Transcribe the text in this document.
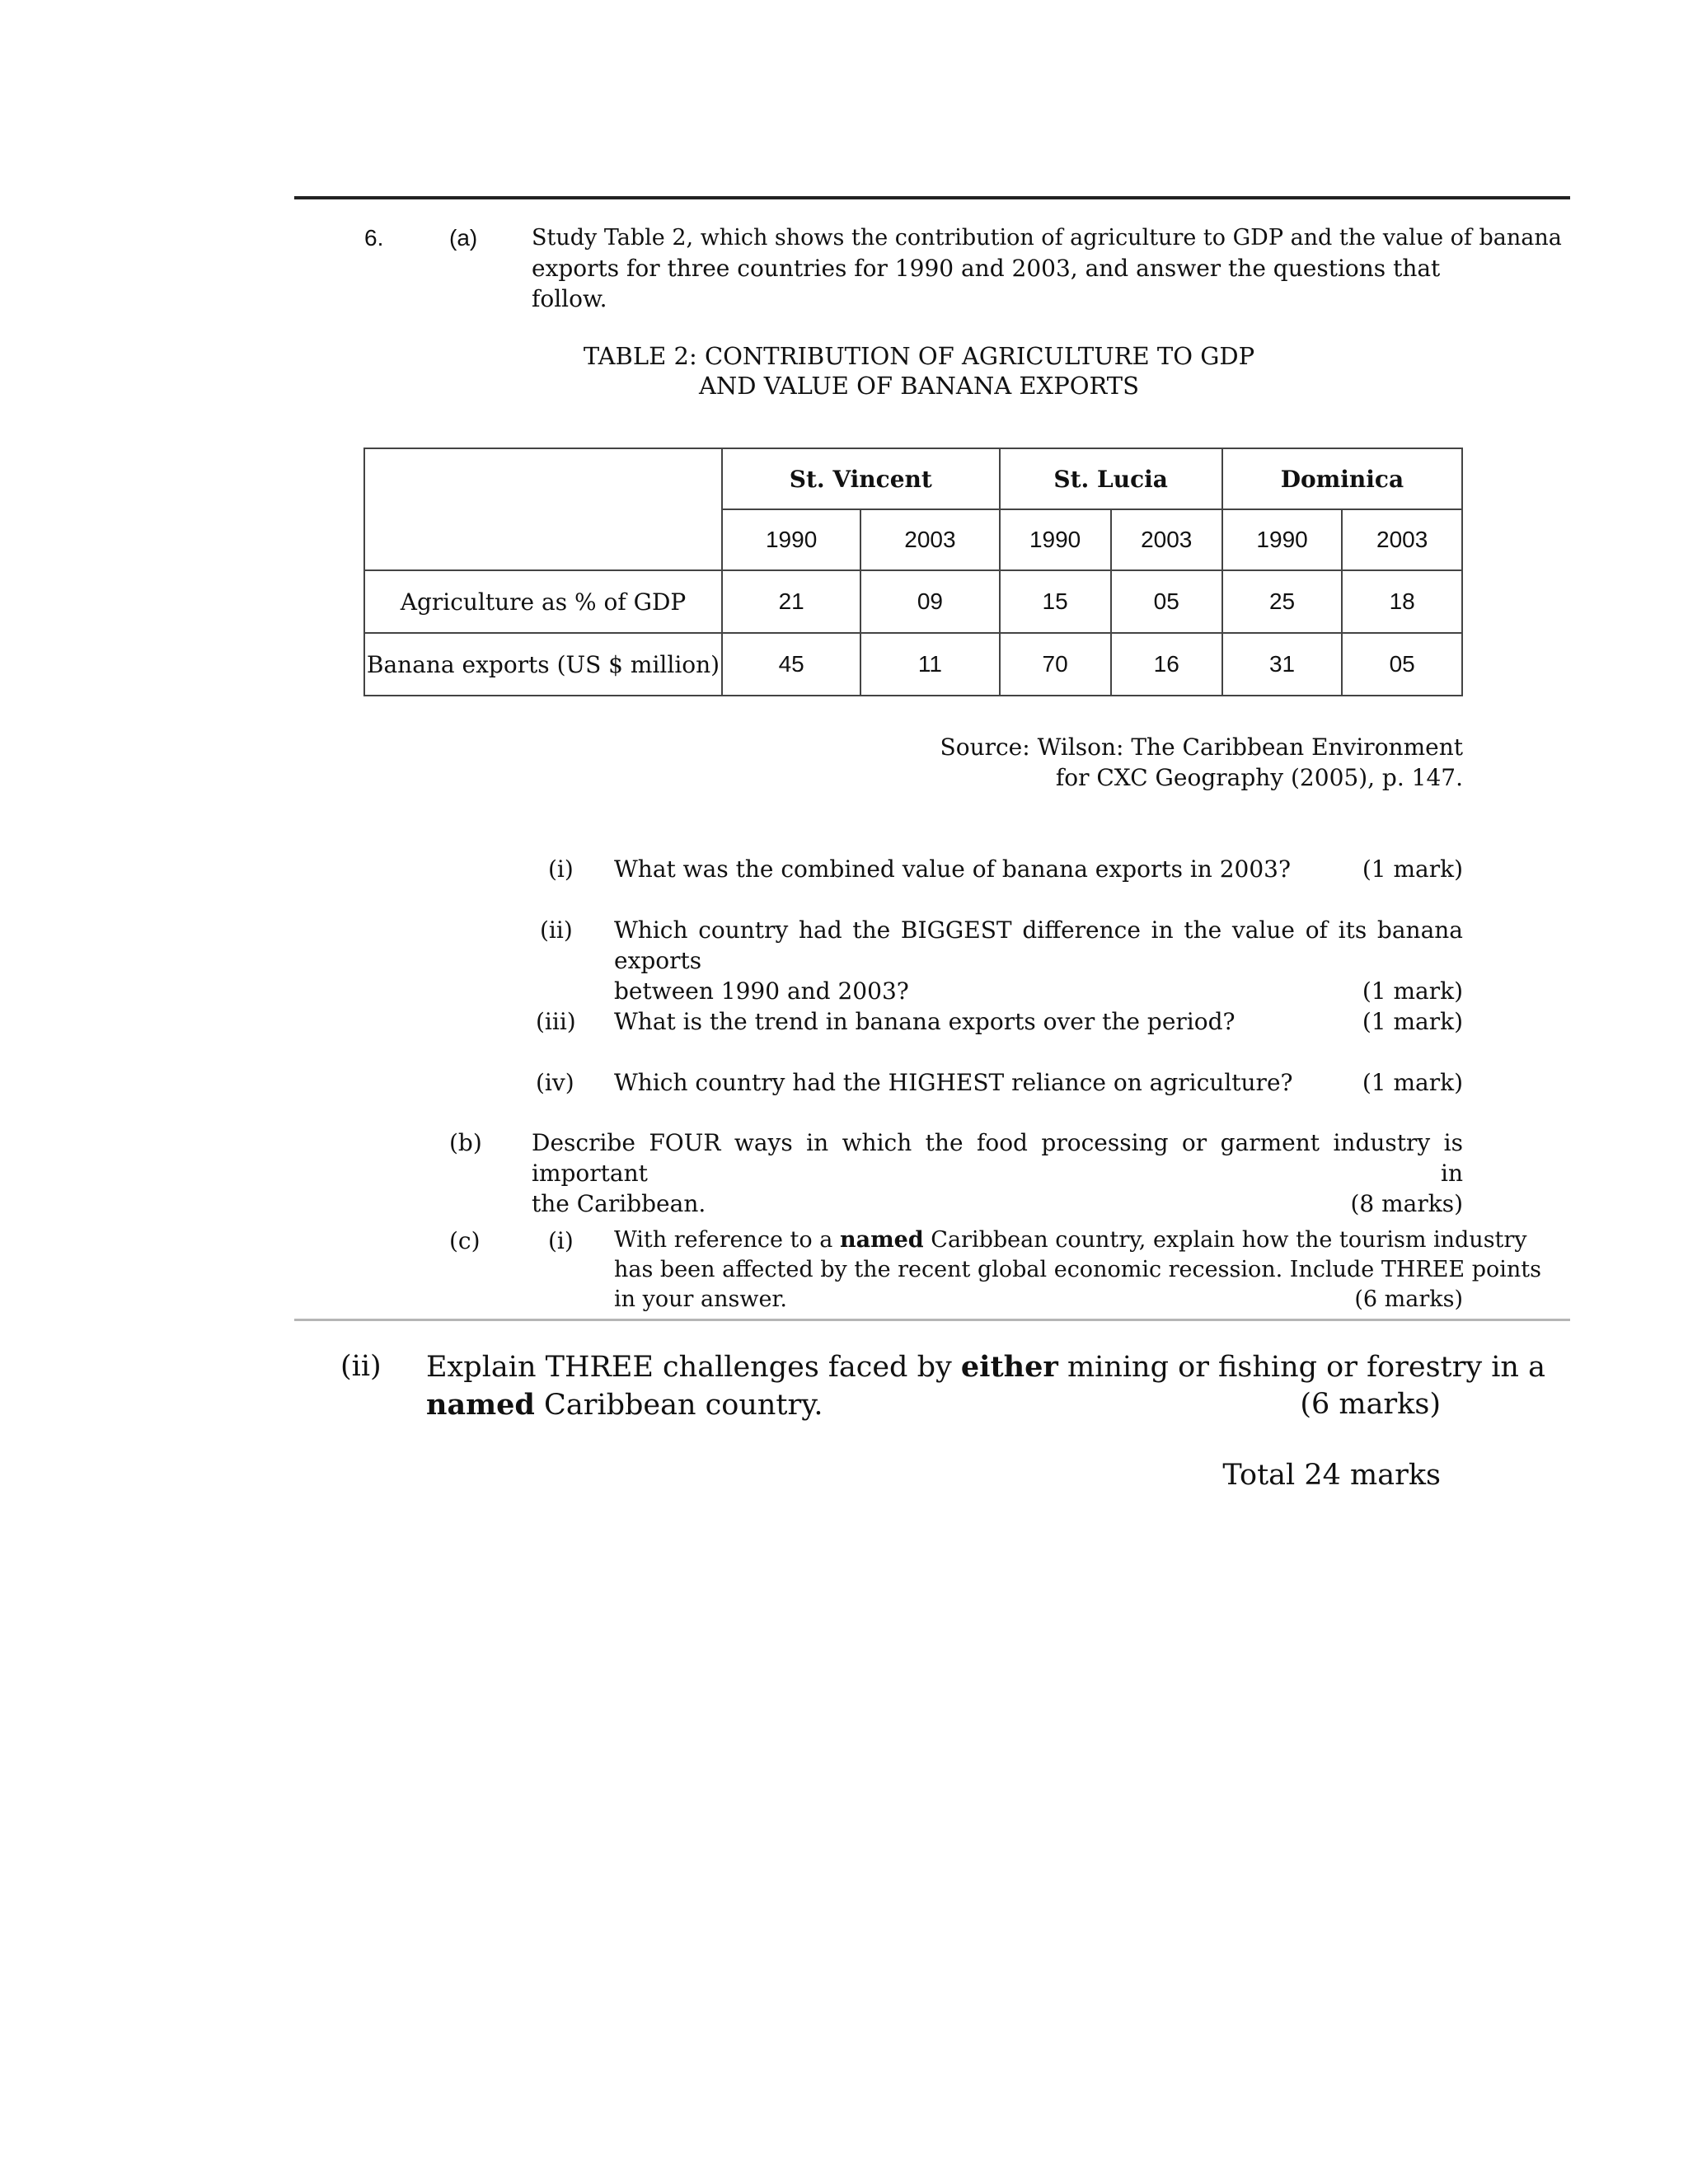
6.	(a) Study Table 2, which shows the contribution of agriculture to GDP and the value of banana
exports for three countries for 1990 and 2003, and answer the questions that follow.
TABLE 2: CONTRIBUTION OF AGRICULTURE TO GDP
AND VALUE OF BANANA EXPORTS
	St. Vincent		St. Lucia		Dominica	
	1990	2003	1990	2003	1990	2003
Agriculture as % of GDP	21	09	15	05	25	18
Banana exports (US $ million)	45	11	70	16	31	05
Source: Wilson: The Caribbean Environment
for CXC Geography (2005), p. 147.
(i) What was the combined value of banana exports in 2003?	(1 mark)
(ii) Which country had the BIGGEST difference in the value of its banana exports
between 1990 and 2003?	(1 mark)
(iii) What is the trend in banana exports over the period?	(1 mark)
(iv) Which country had the HIGHEST reliance on agriculture?	(1 mark)
(b) Describe FOUR ways in which the food processing or garment industry is important in
the Caribbean.	(8 marks)
(c)	(i) With reference to a named Caribbean country, explain how the tourism industry
has been affected by the recent global economic recession. Include THREE points
in your answer.	(6 marks)
(ii) Explain THREE challenges faced by either mining or fishing or forestry in a
named Caribbean country.	(6 marks)
Total 24 marks
